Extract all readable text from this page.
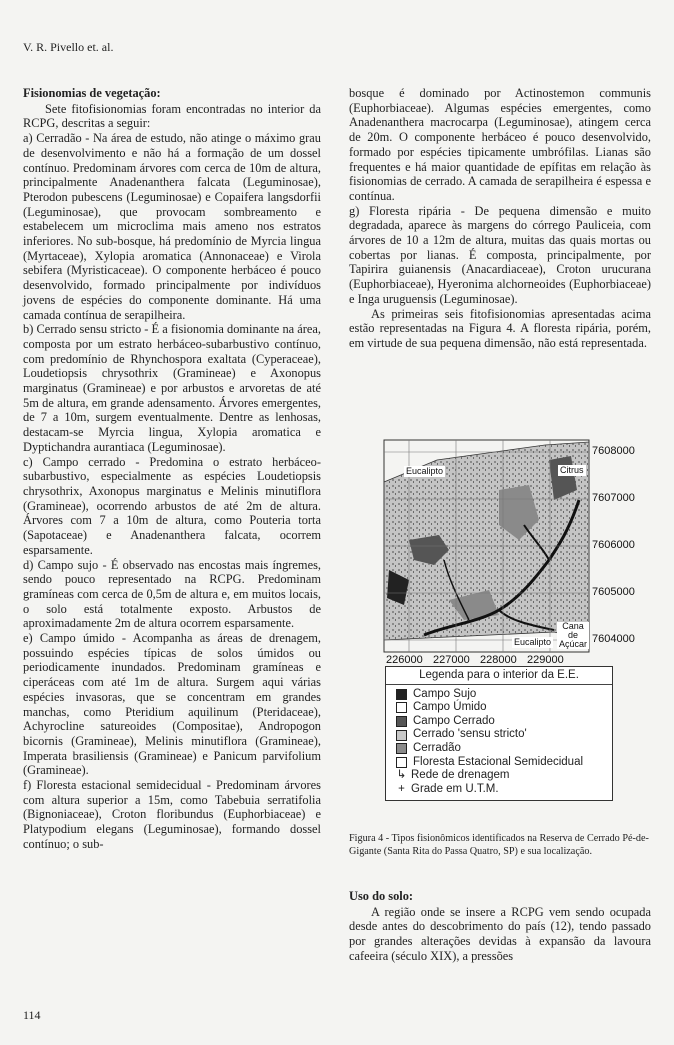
V. R. Pivello et. al.

Fisionomias de vegetação:

Sete fitofisionomias foram encontradas no interior da RCPG, descritas a seguir:

a) Cerradão - Na área de estudo, não atinge o máximo grau de desenvolvimento e não há a formação de um dossel contínuo. Predominam árvores com cerca de 10m de altura, principalmente Anadenanthera falcata (Leguminosae), Pterodon pubescens (Leguminosae) e Copaifera langsdorfii (Leguminosae), que provocam sombreamento e estabelecem um microclima mais ameno nos estratos inferiores. No sub-bosque, há predomínio de Myrcia lingua (Myrtaceae), Xylopia aromatica (Annonaceae) e Virola sebifera (Myristicaceae). O componente herbáceo é pouco desenvolvido, formado principalmente por indivíduos jovens de espécies do componente dominante. Há uma camada contínua de serapilheira.

b) Cerrado sensu stricto - É a fisionomia dominante na área, composta por um estrato herbáceo-subarbustivo contínuo, com predomínio de Rhynchospora exaltata (Cyperaceae), Loudetiopsis chrysothrix (Gramineae) e Axonopus marginatus (Gramineae) e por arbustos e arvoretas de até 5m de altura, em grande adensamento. Árvores emergentes, de 7 a 10m, surgem eventualmente. Dentre as lenhosas, destacam-se Myrcia lingua, Xylopia aromatica e Dyptichandra aurantiaca (Leguminosae).

c) Campo cerrado - Predomina o estrato herbáceo-subarbustivo, especialmente as espécies Loudetiopsis chrysothrix, Axonopus marginatus e Melinis minutiflora (Gramineae), ocorrendo arbustos de até 2m de altura. Árvores com 7 a 10m de altura, como Pouteria torta (Sapotaceae) e Anadenanthera falcata, ocorrem esparsamente.

d) Campo sujo - É observado nas encostas mais íngremes, sendo pouco representado na RCPG. Predominam gramíneas com cerca de 0,5m de altura e, em muitos locais, o solo está totalmente exposto. Arbustos de aproximadamente 2m de altura ocorrem esparsamente.

e) Campo úmido - Acompanha as áreas de drenagem, possuindo espécies típicas de solos úmidos ou periodicamente inundados. Predominam gramíneas e ciperáceas com até 1m de altura. Surgem aqui várias espécies invasoras, que se concentram em grandes manchas, como Pteridium aquilinum (Pteridaceae), Achyrocline satureoides (Compositae), Andropogon bicornis (Gramineae), Melinis minutiflora (Gramineae), Imperata brasiliensis (Gramineae) e Panicum parvifolium (Gramineae).

f) Floresta estacional semidecidual - Predominam árvores com altura superior a 15m, como Tabebuia serratifolia (Bignoniaceae), Croton floribundus (Euphorbiaceae) e Platypodium elegans (Leguminosae), formando dossel contínuo; o sub-

bosque é dominado por Actinostemon communis (Euphorbiaceae). Algumas espécies emergentes, como Anadenanthera macrocarpa (Leguminosae), atingem cerca de 20m. O componente herbáceo é pouco desenvolvido, formado por espécies tipicamente umbrófilas. Lianas são frequentes e há maior quantidade de epífitas em relação às fisionomias de cerrado. A camada de serapilheira é espessa e contínua.

g) Floresta ripária - De pequena dimensão e muito degradada, aparece às margens do córrego Pauliceia, com árvores de 10 a 12m de altura, muitas das quais mortas ou cobertas por lianas. É composta, principalmente, por Tapirira guianensis (Anacardiaceae), Croton urucurana (Euphorbiaceae), Hyeronima alchorneoides (Euphorbiaceae) e Inga uruguensis (Leguminosae).

As primeiras seis fitofisionomias apresentadas acima estão representadas na Figura 4. A floresta ripária, porém, em virtude de sua pequena dimensão, não está representada.

7608000
7607000
7606000
7605000
7604000
226000 227000 228000 229000
Eucalipto	Citrus
Eucalipto
Cana
de
Açúcar
Legenda para o interior da E.E.
Campo Sujo
Campo Úmido
Campo Cerrado
Cerrado 'sensu stricto'
Cerradão
Floresta Estacional Semidecidual
↳ Rede de drenagem
+ Grade em U.T.M.
Figura 4 - Tipos fisionômicos identificados na Reserva de Cerrado Pé-de-Gigante (Santa Rita do Passa Quatro, SP) e sua localização.

Uso do solo:

A região onde se insere a RCPG vem sendo ocupada desde antes do descobrimento do país (12), tendo passado por grandes alterações devidas à expansão da lavoura cafeeira (século XIX), a pressões

114
